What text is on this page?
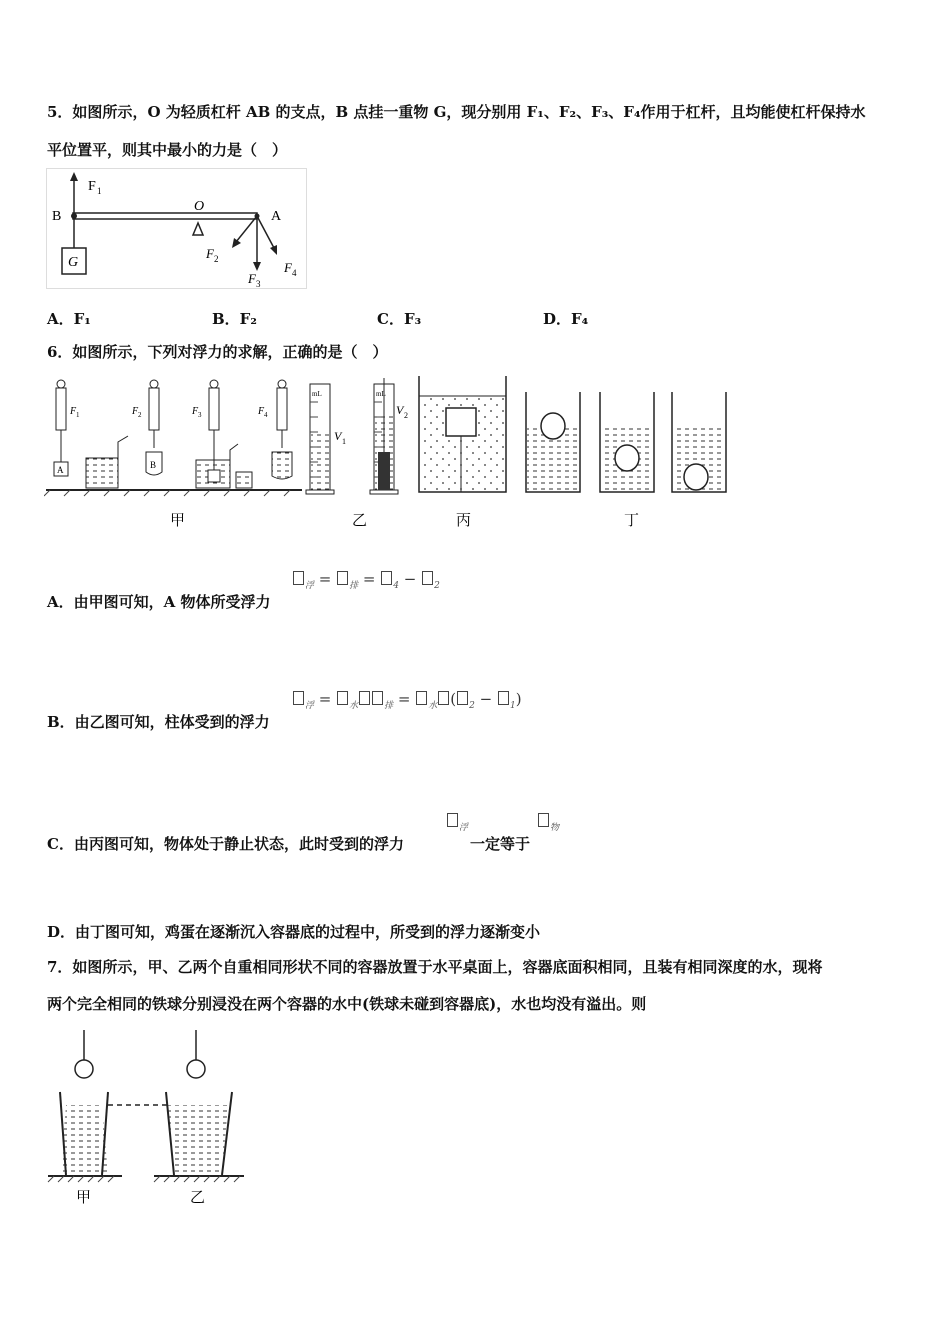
5．如图所示，O 为轻质杠杆 AB 的支点，B 点挂一重物 G，现分别用 F₁、F₂、F₃、F₄作用于杠杆，且均能使杠杆保持水
平位置平，则其中最小的力是（　）
F 1
B
G
O
A
F 2
F 3
F 4
A．F₁	B．F₂	C．F₃	D．F₄
6．如图所示，下列对浮力的求解，正确的是（　）
A
F 1
B
F 2	F 3	F 4
mL
V 1
mL
V 2
甲	乙	丙	丁
$_浮$ = $_排$ = $_4$ − $_2$
A．由甲图可知，A 物体所受浮力
$_浮$ = $_水$	$_排$ = $_水$ ( $_2$ − $_1$)
B．由乙图可知，柱体受到的浮力
$_浮$	$_物$
C．由丙图可知，物体处于静止状态，此时受到的浮力	一定等于
D．由丁图可知，鸡蛋在逐渐沉入容器底的过程中，所受到的浮力逐渐变小
7．如图所示，甲、乙两个自重相同形状不同的容器放置于水平桌面上，容器底面积相同，且装有相同深度的水，现将
两个完全相同的铁球分别浸没在两个容器的水中(铁球未碰到容器底)，水也均没有溢出。则
甲	乙
